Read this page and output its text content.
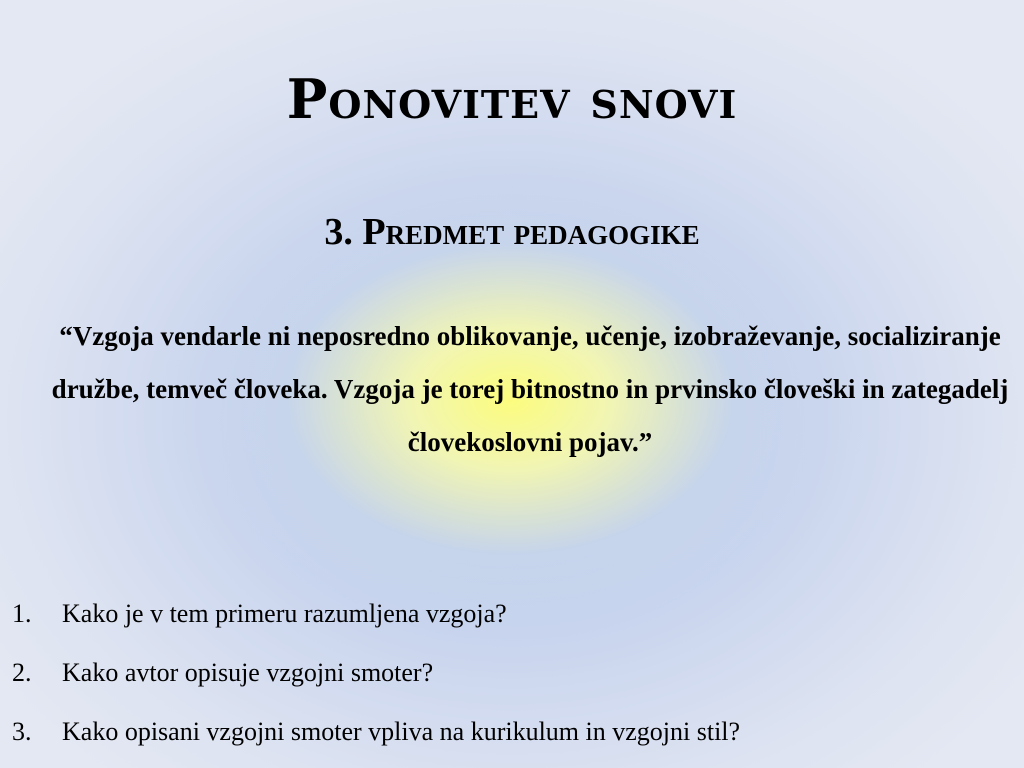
Ponovitev snovi
3. Predmet pedagogike

“Vzgoja vendarle ni neposredno oblikovanje, učenje, izobraževanje, socializiranje družbe, temveč človeka. Vzgoja je torej bitnostno in prvinsko človeški in zategadelj človekoslovni pojav.”

1. Kako je v tem primeru razumljena vzgoja?
2. Kako avtor opisuje vzgojni smoter?
3. Kako opisani vzgojni smoter vpliva na kurikulum in vzgojni stil?
